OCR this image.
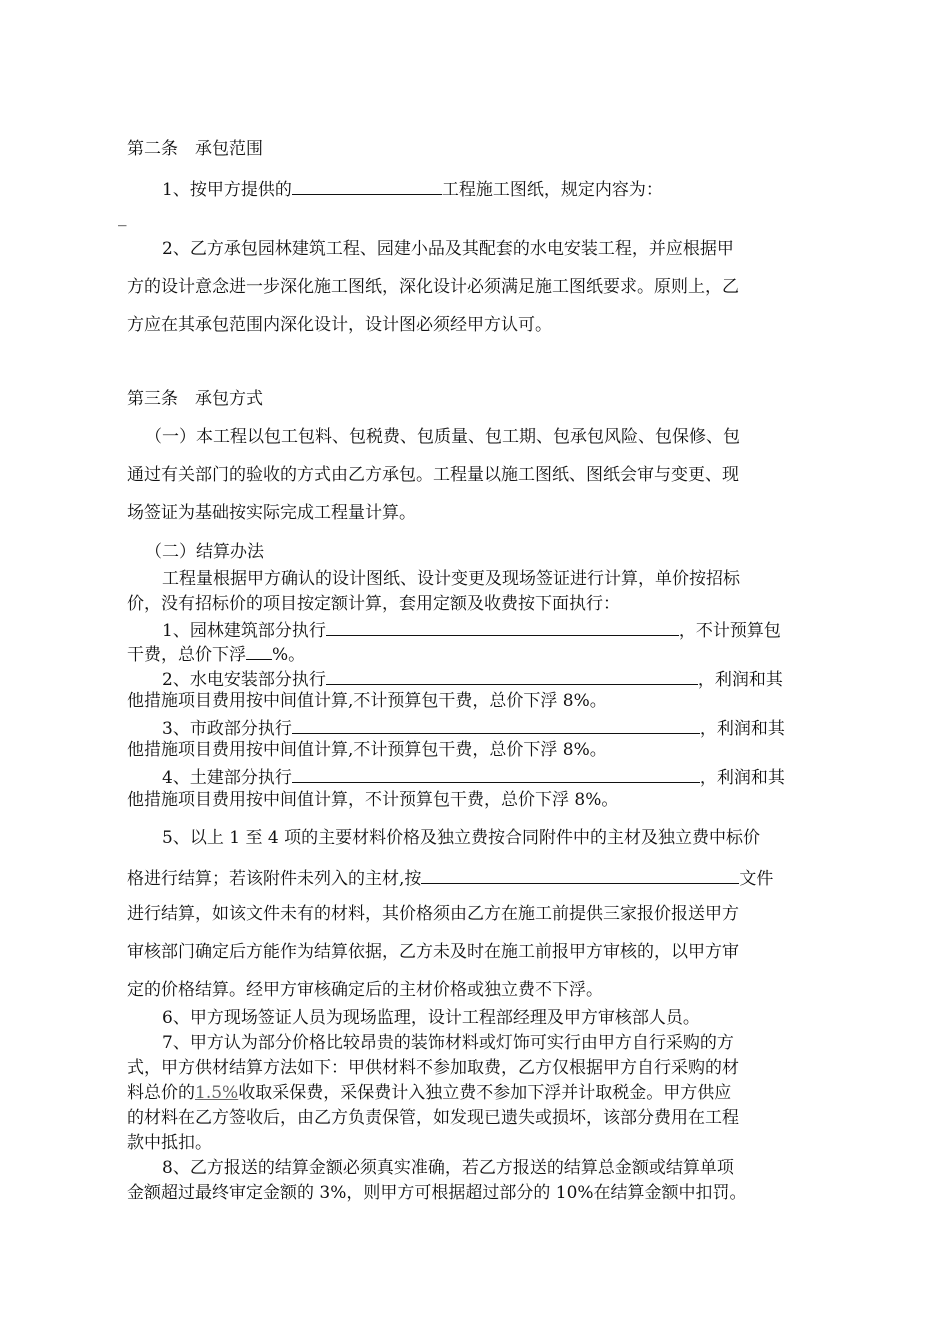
第二条　承包范围
1、按甲方提供的	工程施工图纸，规定内容为：
_
2、乙方承包园林建筑工程、园建小品及其配套的水电安装工程，并应根据甲
方的设计意念进一步深化施工图纸，深化设计必须满足施工图纸要求。原则上，乙
方应在其承包范围内深化设计，设计图必须经甲方认可。
第三条　承包方式
（一）本工程以包工包料、包税费、包质量、包工期、包承包风险、包保修、包
通过有关部门的验收的方式由乙方承包。工程量以施工图纸、图纸会审与变更、现
场签证为基础按实际完成工程量计算。
（二）结算办法
工程量根据甲方确认的设计图纸、设计变更及现场签证进行计算，单价按招标
价，没有招标价的项目按定额计算，套用定额及收费按下面执行：
1、园林建筑部分执行	，不计预算包
干费，总价下浮 %。
2、水电安装部分执行	，利润和其
他措施项目费用按中间值计算,不计预算包干费，总价下浮 8%。
3、市政部分执行	，利润和其
他措施项目费用按中间值计算,不计预算包干费，总价下浮 8%。
4、土建部分执行	，利润和其
他措施项目费用按中间值计算，不计预算包干费，总价下浮 8%。
5、以上 1 至 4 项的主要材料价格及独立费按合同附件中的主材及独立费中标价
格进行结算；若该附件未列入的主材,按	文件
进行结算，如该文件未有的材料，其价格须由乙方在施工前提供三家报价报送甲方
审核部门确定后方能作为结算依据，乙方未及时在施工前报甲方审核的，以甲方审
定的价格结算。经甲方审核确定后的主材价格或独立费不下浮。
6、甲方现场签证人员为现场监理，设计工程部经理及甲方审核部人员。
7、甲方认为部分价格比较昂贵的装饰材料或灯饰可实行由甲方自行采购的方
式，甲方供材结算方法如下：甲供材料不参加取费，乙方仅根据甲方自行采购的材
料总价的1.5%收取采保费，采保费计入独立费不参加下浮并计取税金。甲方供应
的材料在乙方签收后，由乙方负责保管，如发现已遗失或损坏，该部分费用在工程
款中抵扣。
8、乙方报送的结算金额必须真实准确，若乙方报送的结算总金额或结算单项
金额超过最终审定金额的 3%，则甲方可根据超过部分的 10%在结算金额中扣罚。
